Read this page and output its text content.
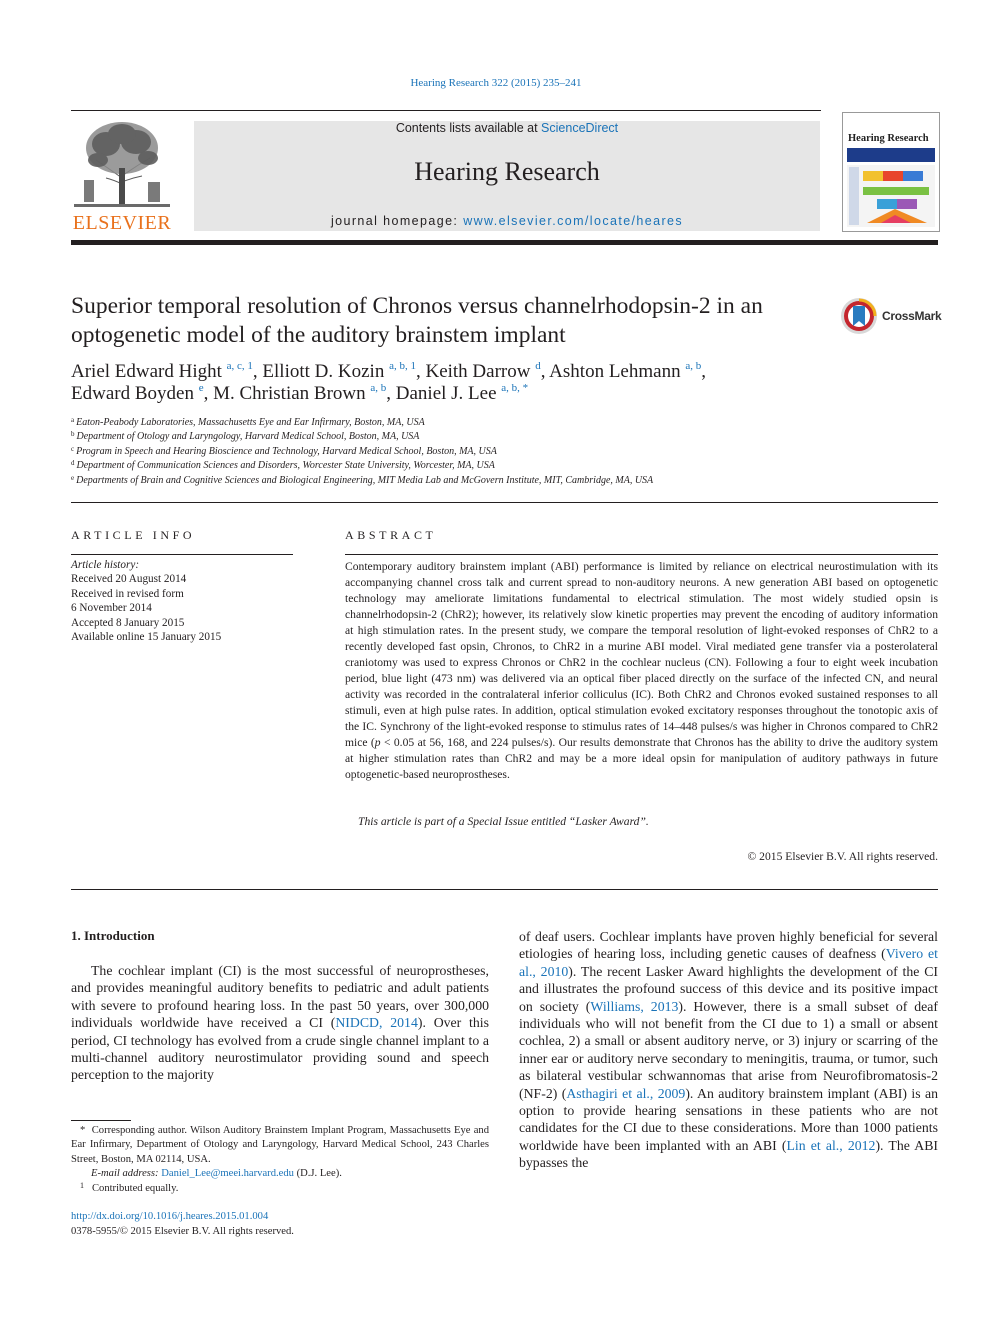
Hearing Research 322 (2015) 235–241
ELSEVIER
Contents lists available at ScienceDirect
Hearing Research
journal homepage: www.elsevier.com/locate/heares
Hearing Research
Superior temporal resolution of Chronos versus channelrhodopsin-2 in an optogenetic model of the auditory brainstem implant
CrossMark
Ariel Edward Hight $^{a, c, 1}$, Elliott D. Kozin $^{a, b, 1}$, Keith Darrow $^d$, Ashton Lehmann $^{a, b}$,
Edward Boyden $^e$, M. Christian Brown $^{a, b}$, Daniel J. Lee $^{a, b, *}$
$^a$ Eaton-Peabody Laboratories, Massachusetts Eye and Ear Infirmary, Boston, MA, USA
$^b$ Department of Otology and Laryngology, Harvard Medical School, Boston, MA, USA
$^c$ Program in Speech and Hearing Bioscience and Technology, Harvard Medical School, Boston, MA, USA
$^d$ Department of Communication Sciences and Disorders, Worcester State University, Worcester, MA, USA
$^e$ Departments of Brain and Cognitive Sciences and Biological Engineering, MIT Media Lab and McGovern Institute, MIT, Cambridge, MA, USA
ARTICLE INFO
Article history:
Received 20 August 2014
Received in revised form
6 November 2014
Accepted 8 January 2015
Available online 15 January 2015
ABSTRACT
Contemporary auditory brainstem implant (ABI) performance is limited by reliance on electrical neurostimulation with its accompanying channel cross talk and current spread to non-auditory neurons. A new generation ABI based on optogenetic technology may ameliorate limitations fundamental to electrical stimulation. The most widely studied opsin is channelrhodopsin-2 (ChR2); however, its relatively slow kinetic properties may prevent the encoding of auditory information at high stimulation rates. In the present study, we compare the temporal resolution of light-evoked responses of ChR2 to a recently developed fast opsin, Chronos, to ChR2 in a murine ABI model. Viral mediated gene transfer via a posterolateral craniotomy was used to express Chronos or ChR2 in the cochlear nucleus (CN). Following a four to eight week incubation period, blue light (473 nm) was delivered via an optical fiber placed directly on the surface of the infected CN, and neural activity was recorded in the contralateral inferior colliculus (IC). Both ChR2 and Chronos evoked sustained responses to all stimuli, even at high pulse rates. In addition, optical stimulation evoked excitatory responses throughout the tonotopic axis of the IC. Synchrony of the light-evoked response to stimulus rates of 14–448 pulses/s was higher in Chronos compared to ChR2 mice (p < 0.05 at 56, 168, and 224 pulses/s). Our results demonstrate that Chronos has the ability to drive the auditory system at higher stimulation rates than ChR2 and may be a more ideal opsin for manipulation of auditory pathways in future optogenetic-based neuroprostheses.
This article is part of a Special Issue entitled “Lasker Award”.
© 2015 Elsevier B.V. All rights reserved.
1. Introduction
The cochlear implant (CI) is the most successful of neuroprostheses, and provides meaningful auditory benefits to pediatric and adult patients with severe to profound hearing loss. In the past 50 years, over 300,000 individuals worldwide have received a CI (NIDCD, 2014). Over this period, CI technology has evolved from a crude single channel implant to a multi-channel auditory neurostimulator providing sound and speech perception to the majority
of deaf users. Cochlear implants have proven highly beneficial for several etiologies of hearing loss, including genetic causes of deafness (Vivero et al., 2010). The recent Lasker Award highlights the development of the CI and illustrates the profound success of this device and its positive impact on society (Williams, 2013). However, there is a small subset of deaf individuals who will not benefit from the CI due to 1) a small or absent cochlea, 2) a small or absent auditory nerve, or 3) injury or scarring of the inner ear or auditory nerve secondary to meningitis, trauma, or tumor, such as bilateral vestibular schwannomas that arise from Neurofibromatosis-2 (NF-2) (Asthagiri et al., 2009). An auditory brainstem implant (ABI) is an option to provide hearing sensations in these patients who are not candidates for the CI due to these considerations. More than 1000 patients worldwide have been implanted with an ABI (Lin et al., 2012). The ABI bypasses the
* Corresponding author. Wilson Auditory Brainstem Implant Program, Massachusetts Eye and Ear Infirmary, Department of Otology and Laryngology, Harvard Medical School, 243 Charles Street, Boston, MA 02114, USA.
E-mail address: Daniel_Lee@meei.harvard.edu (D.J. Lee).
$^1$ Contributed equally.
http://dx.doi.org/10.1016/j.heares.2015.01.004
0378-5955/© 2015 Elsevier B.V. All rights reserved.
